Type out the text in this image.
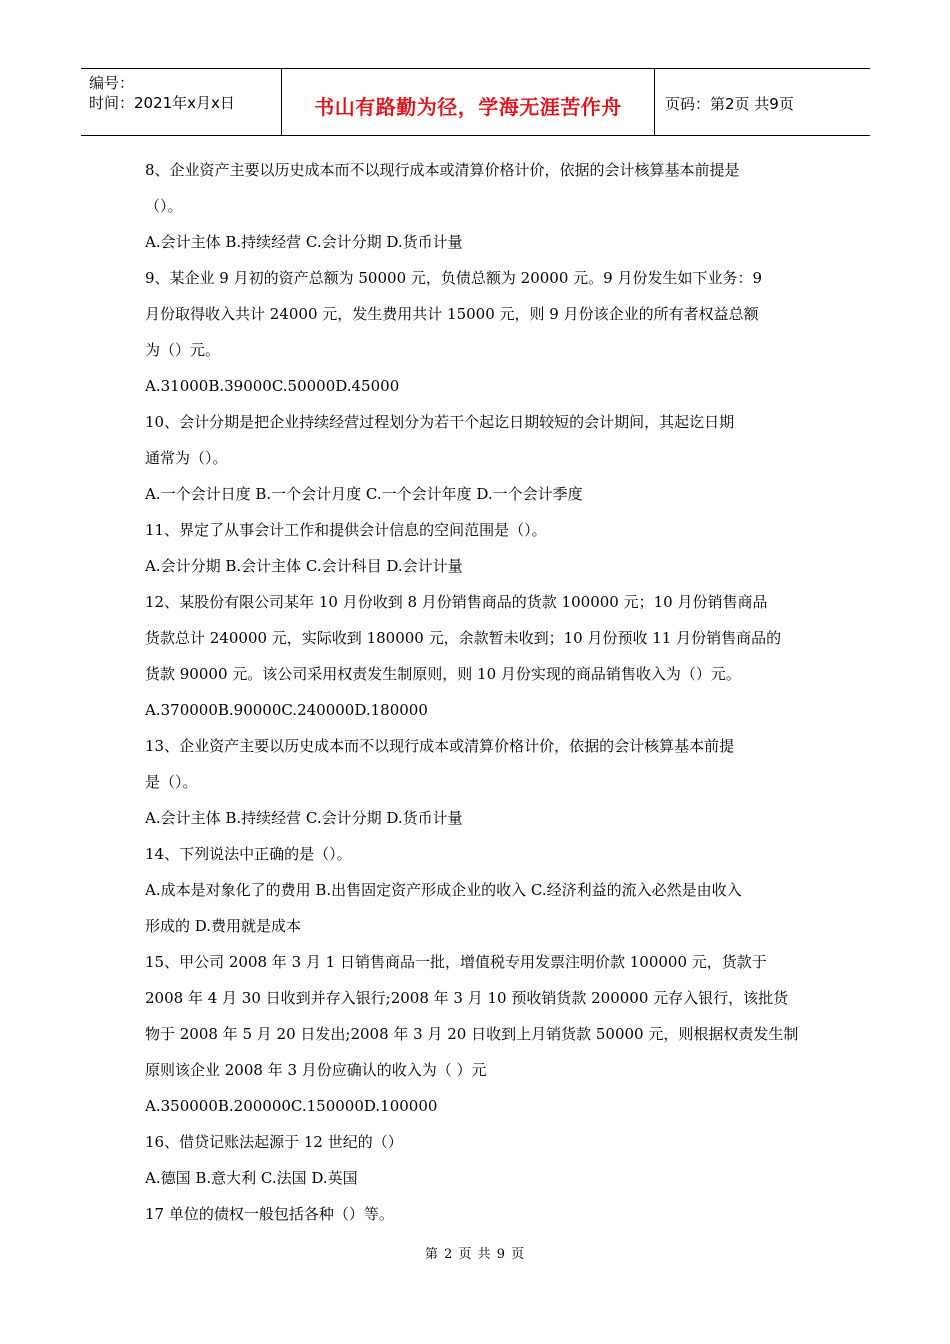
编号：
时间：2021年x月x日	书山有路勤为径，学海无涯苦作舟	页码：第2页 共9页
8、企业资产主要以历史成本而不以现行成本或清算价格计价，依据的会计核算基本前提是
（）。
A.会计主体 B.持续经营 C.会计分期 D.货币计量
9、某企业 9 月初的资产总额为 50000 元，负债总额为 20000 元。9 月份发生如下业务：9
月份取得收入共计 24000 元，发生费用共计 15000 元，则 9 月份该企业的所有者权益总额
为（）元。
A.31000B.39000C.50000D.45000
10、会计分期是把企业持续经营过程划分为若干个起讫日期较短的会计期间，其起讫日期
通常为（）。
A.一个会计日度 B.一个会计月度 C.一个会计年度 D.一个会计季度
11、界定了从事会计工作和提供会计信息的空间范围是（）。
A.会计分期 B.会计主体 C.会计科目 D.会计计量
12、某股份有限公司某年 10 月份收到 8 月份销售商品的货款 100000 元；10 月份销售商品
货款总计 240000 元，实际收到 180000 元，余款暂未收到；10 月份预收 11 月份销售商品的
货款 90000 元。该公司采用权责发生制原则，则 10 月份实现的商品销售收入为（）元。
A.370000B.90000C.240000D.180000
13、企业资产主要以历史成本而不以现行成本或清算价格计价，依据的会计核算基本前提
是（）。
A.会计主体 B.持续经营 C.会计分期 D.货币计量
14、下列说法中正确的是（）。
A.成本是对象化了的费用 B.出售固定资产形成企业的收入 C.经济利益的流入必然是由收入
形成的 D.费用就是成本
15、甲公司 2008 年 3 月 1 日销售商品一批，增值税专用发票注明价款 100000 元，货款于
2008 年 4 月 30 日收到并存入银行;2008 年 3 月 10 预收销货款 200000 元存入银行，该批货
物于 2008 年 5 月 20 日发出;2008 年 3 月 20 日收到上月销货款 50000 元，则根据权责发生制
原则该企业 2008 年 3 月份应确认的收入为（ ）元
A.350000B.200000C.150000D.100000
16、借贷记账法起源于 12 世纪的（）
A.德国 B.意大利 C.法国 D.英国
17 单位的债权一般包括各种（）等。
第 2 页 共 9 页
